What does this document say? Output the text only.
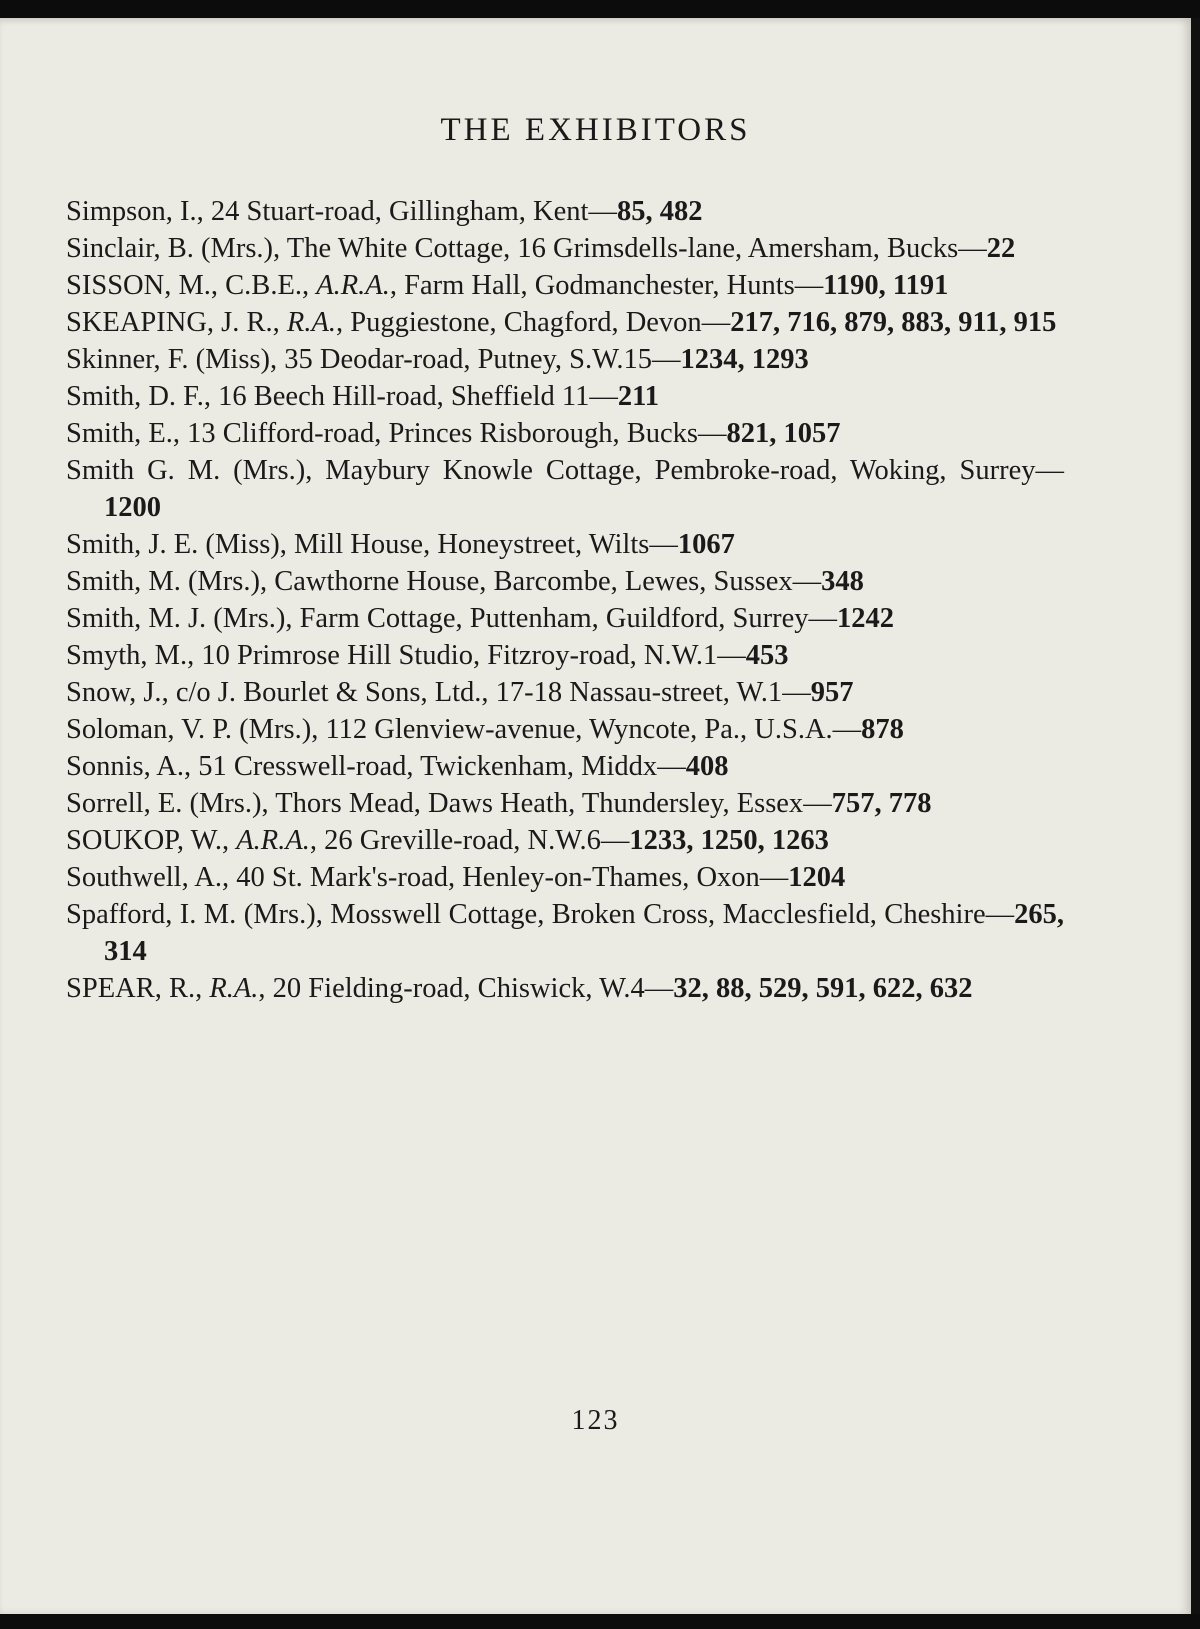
THE EXHIBITORS

Simpson, I., 24 Stuart-road, Gillingham, Kent—85, 482

Sinclair, B. (Mrs.), The White Cottage, 16 Grimsdells-lane, Amersham, Bucks—22

SISSON, M., C.B.E., A.R.A., Farm Hall, Godmanchester, Hunts—1190, 1191

SKEAPING, J. R., R.A., Puggiestone, Chagford, Devon—217, 716, 879, 883, 911, 915

Skinner, F. (Miss), 35 Deodar-road, Putney, S.W.15—1234, 1293

Smith, D. F., 16 Beech Hill-road, Sheffield 11—211

Smith, E., 13 Clifford-road, Princes Risborough, Bucks—821, 1057

Smith G. M. (Mrs.), Maybury Knowle Cottage, Pembroke-road, Woking, Surrey—1200

Smith, J. E. (Miss), Mill House, Honeystreet, Wilts—1067

Smith, M. (Mrs.), Cawthorne House, Barcombe, Lewes, Sussex—348

Smith, M. J. (Mrs.), Farm Cottage, Puttenham, Guildford, Surrey—1242

Smyth, M., 10 Primrose Hill Studio, Fitzroy-road, N.W.1—453

Snow, J., c/o J. Bourlet & Sons, Ltd., 17-18 Nassau-street, W.1—957

Soloman, V. P. (Mrs.), 112 Glenview-avenue, Wyncote, Pa., U.S.A.—878

Sonnis, A., 51 Cresswell-road, Twickenham, Middx—408

Sorrell, E. (Mrs.), Thors Mead, Daws Heath, Thundersley, Essex—757, 778

SOUKOP, W., A.R.A., 26 Greville-road, N.W.6—1233, 1250, 1263

Southwell, A., 40 St. Mark's-road, Henley-on-Thames, Oxon—1204

Spafford, I. M. (Mrs.), Mosswell Cottage, Broken Cross, Macclesfield, Cheshire—265, 314

SPEAR, R., R.A., 20 Fielding-road, Chiswick, W.4—32, 88, 529, 591, 622, 632

123
